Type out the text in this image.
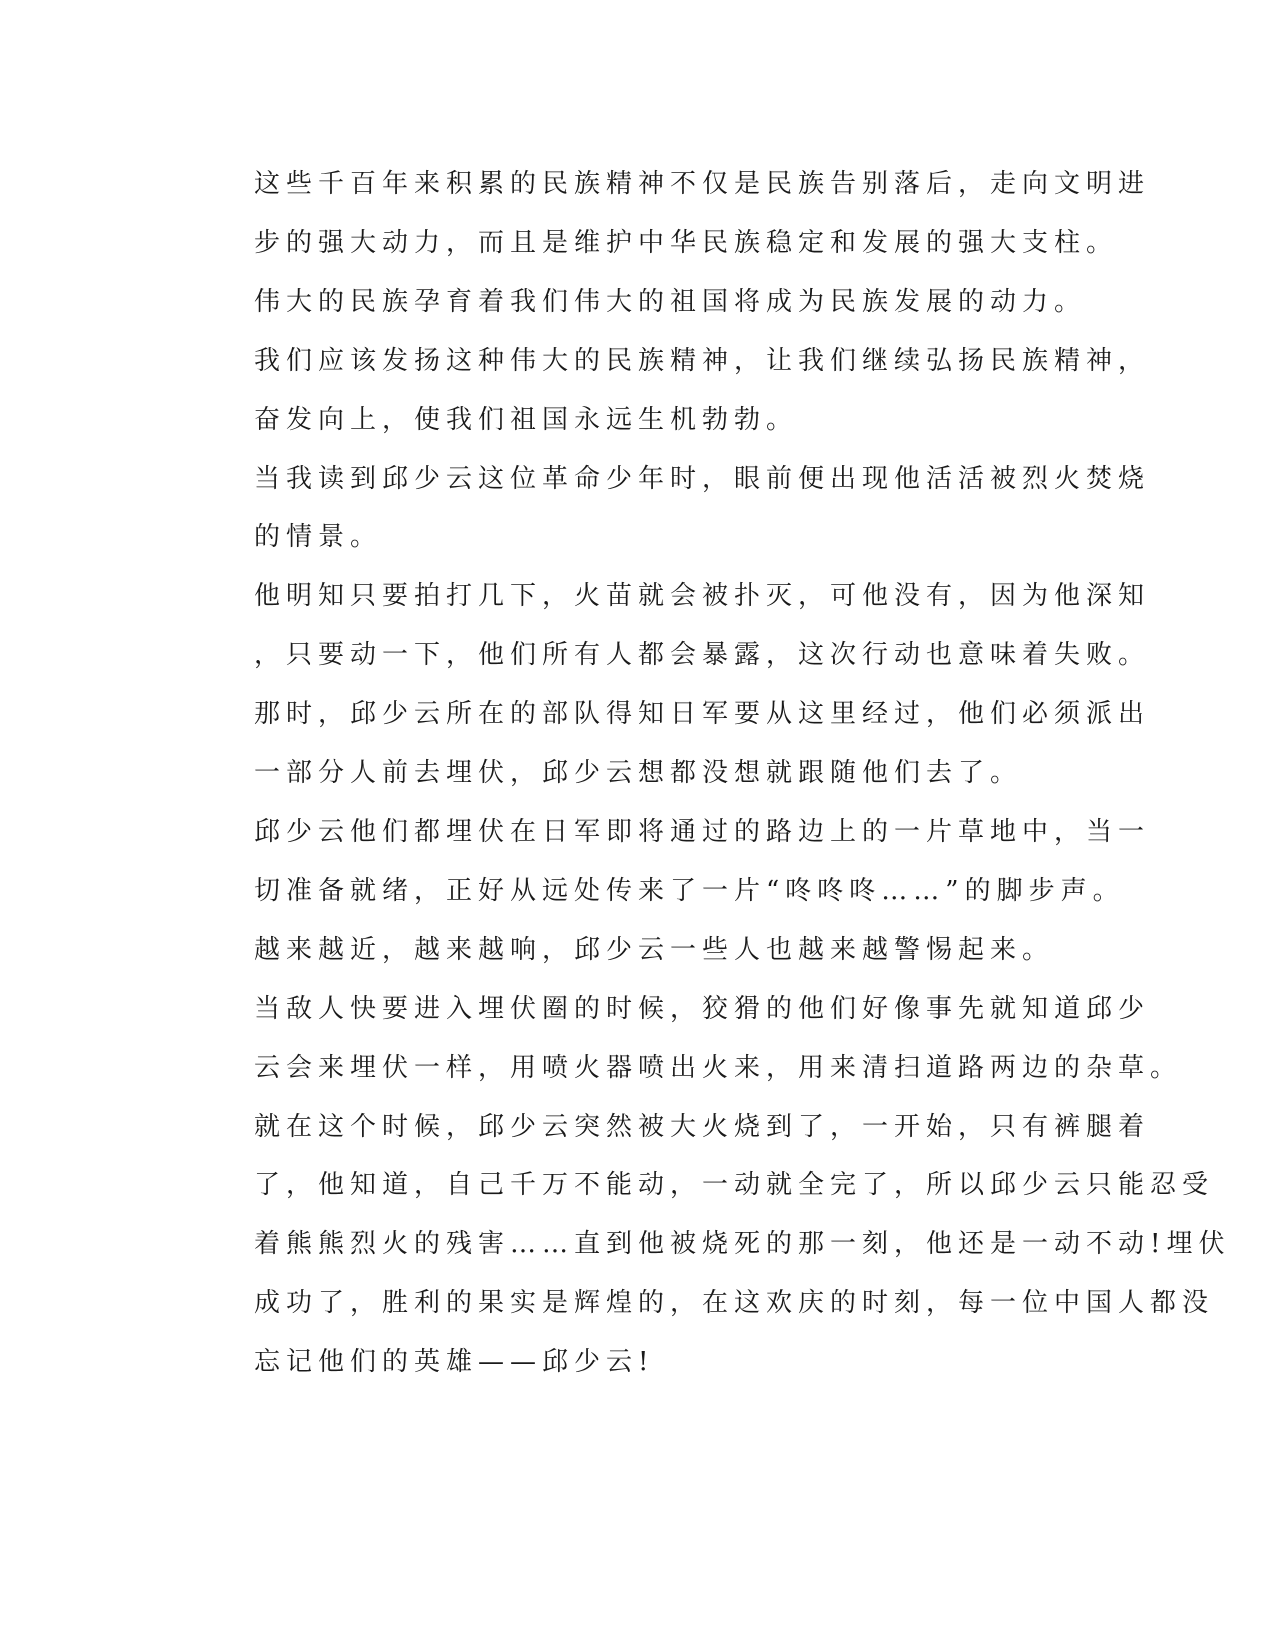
这些千百年来积累的民族精神不仅是民族告别落后，走向文明进
步的强大动力，而且是维护中华民族稳定和发展的强大支柱。

伟大的民族孕育着我们伟大的祖国将成为民族发展的动力。

我们应该发扬这种伟大的民族精神，让我们继续弘扬民族精神，
奋发向上，使我们祖国永远生机勃勃。

当我读到邱少云这位革命少年时，眼前便出现他活活被烈火焚烧
的情景。

他明知只要拍打几下，火苗就会被扑灭，可他没有，因为他深知
，只要动一下，他们所有人都会暴露，这次行动也意味着失败。

那时，邱少云所在的部队得知日军要从这里经过，他们必须派出
一部分人前去埋伏，邱少云想都没想就跟随他们去了。

邱少云他们都埋伏在日军即将通过的路边上的一片草地中，当一
切准备就绪，正好从远处传来了一片“咚咚咚……”的脚步声。

越来越近，越来越响，邱少云一些人也越来越警惕起来。

当敌人快要进入埋伏圈的时候，狡猾的他们好像事先就知道邱少
云会来埋伏一样，用喷火器喷出火来，用来清扫道路两边的杂草。

就在这个时候，邱少云突然被大火烧到了，一开始，只有裤腿着
了，他知道，自己千万不能动，一动就全完了，所以邱少云只能忍受
着熊熊烈火的残害……直到他被烧死的那一刻，他还是一动不动!埋伏
成功了，胜利的果实是辉煌的，在这欢庆的时刻，每一位中国人都没
忘记他们的英雄——邱少云!
